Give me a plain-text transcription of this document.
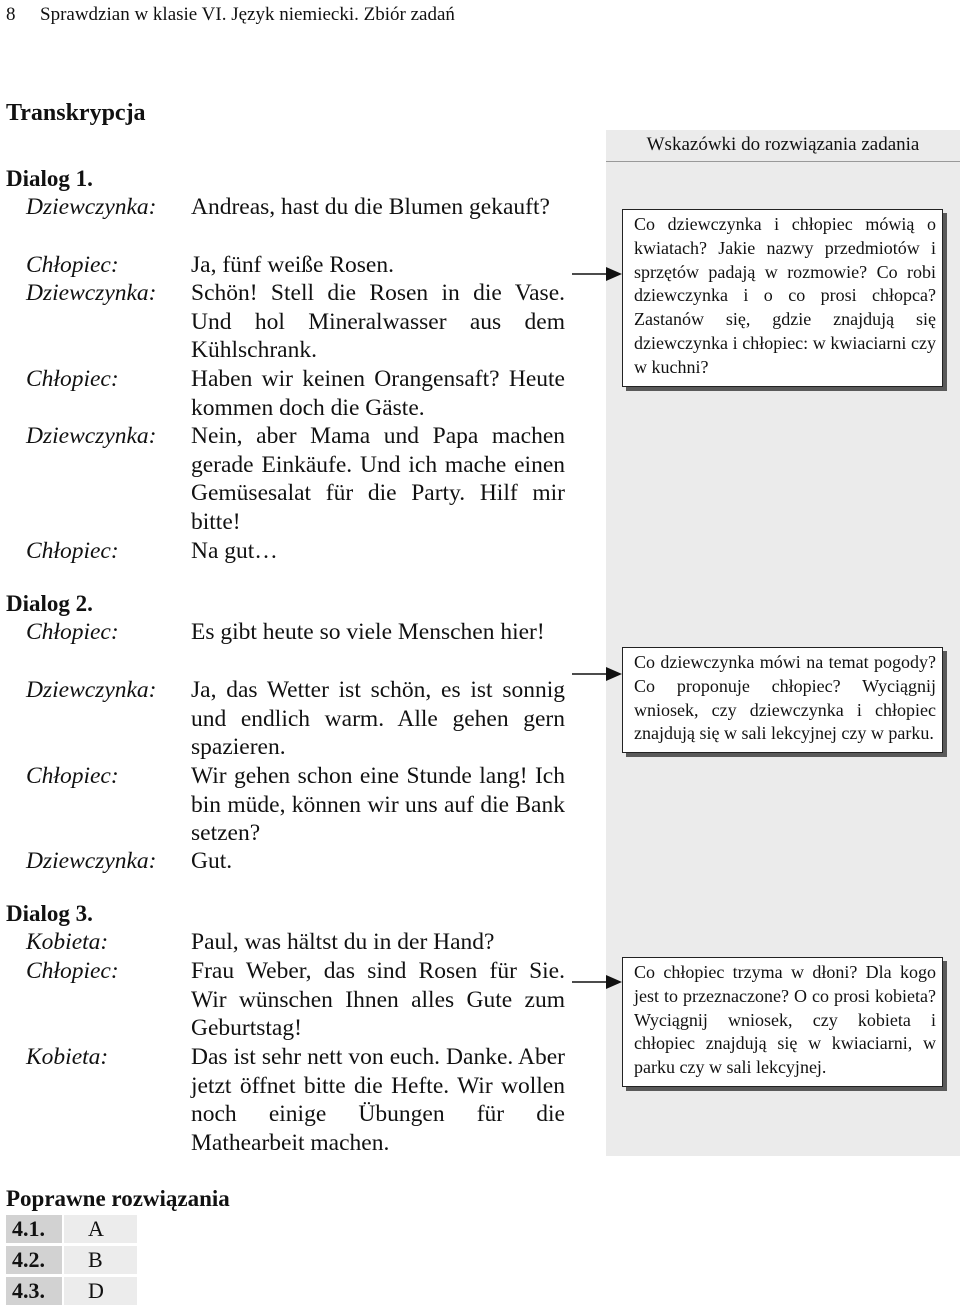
8 Sprawdzian w klasie VI. Język niemiecki. Zbiór zadań
Transkrypcja
Wskazówki do rozwiązania zadania
Dialog 1.
Dziewczynka: Andreas, hast du die Blumen gekauft?
Chłopiec:	Ja, fünf weiße Rosen.
Dziewczynka: Schön! Stell die Rosen in die Vase. Und hol Mineralwasser aus dem Kühlschrank.
Chłopiec:	Haben wir keinen Orangensaft? Heute kommen doch die Gäste.
Dziewczynka: Nein, aber Mama und Papa machen gerade Einkäufe. Und ich mache einen Gemüsesalat für die Party. Hilf mir bitte!
Chłopiec:	Na gut…
Co dziewczynka i chłopiec mówią o kwiatach? Jakie nazwy przedmiotów i sprzętów padają w rozmowie? Co robi dziewczynka i o co prosi chłopca? Zastanów się, gdzie znajdują się dziewczynka i chłopiec: w kwiaciarni czy w kuchni?
Dialog 2.
Chłopiec:	Es gibt heute so viele Menschen hier!
Dziewczynka: Ja, das Wetter ist schön, es ist sonnig und endlich warm. Alle gehen gern spazieren.
Chłopiec:	Wir gehen schon eine Stunde lang! Ich bin müde, können wir uns auf die Bank setzen?
Dziewczynka: Gut.
Co dziewczynka mówi na temat pogody? Co proponuje chłopiec? Wyciągnij wniosek, czy dziewczynka i chłopiec znajdują się w sali lekcyjnej czy w parku.
Dialog 3.
Kobieta:	Paul, was hältst du in der Hand?
Chłopiec:	Frau Weber, das sind Rosen für Sie. Wir wünschen Ihnen alles Gute zum Geburtstag!
Kobieta:	Das ist sehr nett von euch. Danke. Aber jetzt öffnet bitte die Hefte. Wir wollen noch einige Übungen für die Mathearbeit machen.
Co chłopiec trzyma w dłoni? Dla kogo jest to przeznaczone? O co prosi kobieta? Wyciągnij wniosek, czy kobieta i chłopiec znajdują się w kwiaciarni, w parku czy w sali lekcyjnej.
Poprawne rozwiązania
4.1.	A
4.2.	B
4.3.	D
